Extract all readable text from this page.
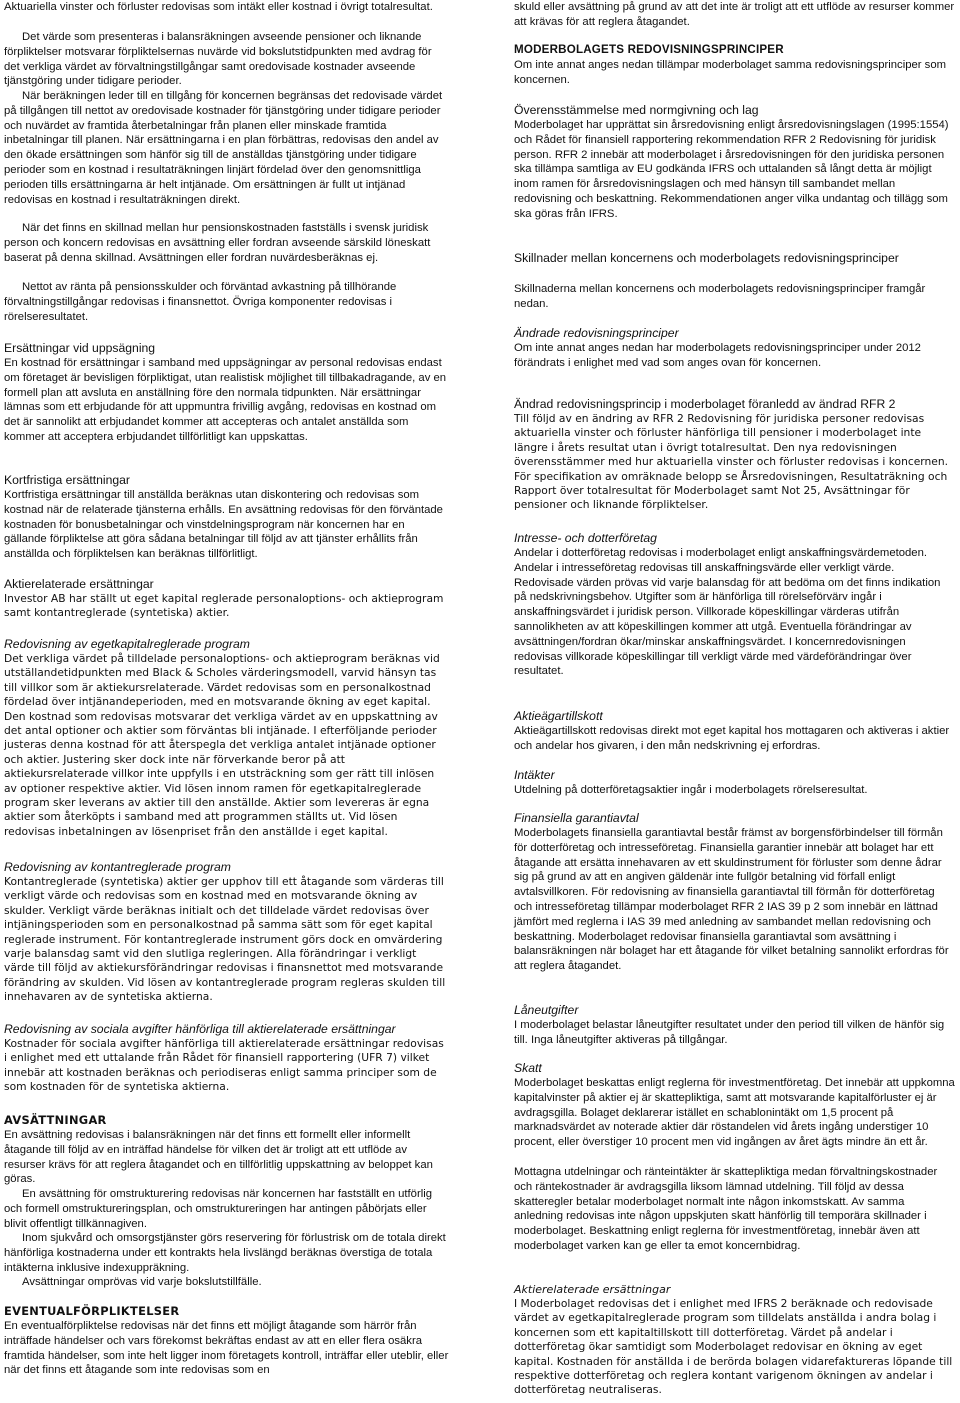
Aktuariella vinster och förluster redovisas som intäkt eller kostnad i övrigt totalresultat.

Det värde som presenteras i balansräkningen avseende pensioner och liknande förpliktelser motsvarar förpliktelsernas nuvärde vid bokslutstidpunkten med avdrag för det verkliga värdet av förvaltningstillgångar samt oredovisade kostnader avseende tjänstgöring under tidigare perioder.

När beräkningen leder till en tillgång för koncernen begränsas det redovisade värdet på tillgången till nettot av oredovisade kostnader för tjänstgöring under tidigare perioder och nuvärdet av framtida återbetalningar från planen eller minskade framtida inbetalningar till planen. När ersättningarna i en plan förbättras, redovisas den andel av den ökade ersättningen som hänför sig till de anställdas tjänstgöring under tidigare perioder som en kostnad i resultaträkningen linjärt fördelad över den genomsnittliga perioden tills ersättningarna är helt intjänade. Om ersättningen är fullt ut intjänad redovisas en kostnad i resultaträkningen direkt.

När det finns en skillnad mellan hur pensionskostnaden fastställs i svensk juridisk person och koncern redovisas en avsättning eller fordran avseende särskild löneskatt baserat på denna skillnad. Avsättningen eller fordran nuvärdesberäknas ej.

Nettot av ränta på pensionsskulder och förväntad avkastning på tillhörande förvaltningstillgångar redovisas i finansnettot. Övriga komponenter redovisas i rörelseresultatet.

Ersättningar vid uppsägning

En kostnad för ersättningar i samband med uppsägningar av personal redovisas endast om företaget är bevisligen förpliktigat, utan realistisk möjlighet till tillbakadragande, av en formell plan att avsluta en anställning före den normala tidpunkten. När ersättningar lämnas som ett erbjudande för att uppmuntra frivillig avgång, redovisas en kostnad om det är sannolikt att erbjudandet kommer att accepteras och antalet anställda som kommer att acceptera erbjudandet tillförlitligt kan uppskattas.

Kortfristiga ersättningar

Kortfristiga ersättningar till anställda beräknas utan diskontering och redovisas som kostnad när de relaterade tjänsterna erhålls. En avsättning redovisas för den förväntade kostnaden för bonusbetalningar och vinstdelningsprogram när koncernen har en gällande förpliktelse att göra sådana betalningar till följd av att tjänster erhållits från anställda och förpliktelsen kan beräknas tillförlitligt.

Aktierelaterade ersättningar

Investor AB har ställt ut eget kapital reglerade personaloptions- och aktieprogram samt kontantreglerade (syntetiska) aktier.

Redovisning av egetkapitalreglerade program

Det verkliga värdet på tilldelade personaloptions- och aktieprogram beräknas vid utställandetidpunkten med Black & Scholes värderingsmodell, varvid hänsyn tas till villkor som är aktiekursrelaterade. Värdet redovisas som en personalkostnad fördelad över intjänandeperioden, med en motsvarande ökning av eget kapital. Den kostnad som redovisas motsvarar det verkliga värdet av en uppskattning av det antal optioner och aktier som förväntas bli intjänade. I efterföljande perioder justeras denna kostnad för att återspegla det verkliga antalet intjänade optioner och aktier. Justering sker dock inte när förverkande beror på att aktiekursrelaterade villkor inte uppfylls i en utsträckning som ger rätt till inlösen av optioner respektive aktier. Vid lösen innom ramen för egetkapitalreglerade program sker leverans av aktier till den anställde. Aktier som levereras är egna aktier som återköpts i samband med att programmen ställts ut. Vid lösen redovisas inbetalningen av lösenpriset från den anställde i eget kapital.

Redovisning av kontantreglerade program

Kontantreglerade (syntetiska) aktier ger upphov till ett åtagande som värderas till verkligt värde och redovisas som en kostnad med en motsvarande ökning av skulder. Verkligt värde beräknas initialt och det tilldelade värdet redovisas över intjäningsperioden som en personalkostnad på samma sätt som för eget kapital reglerade instrument. För kontantreglerade instrument görs dock en omvärdering varje balansdag samt vid den slutliga regleringen. Alla förändringar i verkligt värde till följd av aktiekursförändringar redovisas i finansnettot med motsvarande förändring av skulden. Vid lösen av kontantreglerade program regleras skulden till innehavaren av de syntetiska aktierna.

Redovisning av sociala avgifter hänförliga till aktierelaterade ersättningar

Kostnader för sociala avgifter hänförliga till aktierelaterade ersättningar redovisas i enlighet med ett uttalande från Rådet för finansiell rapportering (UFR 7) vilket innebär att kostnaden beräknas och periodiseras enligt samma principer som de som kostnaden för de syntetiska aktierna.

AVSÄTTNINGAR

En avsättning redovisas i balansräkningen när det finns ett formellt eller informellt åtagande till följd av en inträffad händelse för vilken det är troligt att ett utflöde av resurser krävs för att reglera åtagandet och en tillförlitlig uppskattning av beloppet kan göras.

En avsättning för omstrukturering redovisas när koncernen har fastställt en utförlig och formell omstruktureringsplan, och omstruktureringen har antingen påbörjats eller blivit offentligt tillkännagiven.

Inom sjukvård och omsorgstjänster görs reservering för förlustrisk om de totala direkt hänförliga kostnaderna under ett kontrakts hela livslängd beräknas överstiga de totala intäkterna inklusive indexuppräkning.

Avsättningar omprövas vid varje bokslutstillfälle.

EVENTUALFÖRPLIKTELSER

En eventualförpliktelse redovisas när det finns ett möjligt åtagande som härrör från inträffade händelser och vars förekomst bekräftas endast av att en eller flera osäkra framtida händelser, som inte helt ligger inom företagets kontroll, inträffar eller uteblir, eller när det finns ett åtagande som inte redovisas som en

skuld eller avsättning på grund av att det inte är troligt att ett utflöde av resurser kommer att krävas för att reglera åtagandet.

MODERBOLAGETS REDOVISNINGSPRINCIPER

Om inte annat anges nedan tillämpar moderbolaget samma redovisningsprinciper som koncernen.

Överensstämmelse med normgivning och lag

Moderbolaget har upprättat sin årsredovisning enligt årsredovisningslagen (1995:1554) och Rådet för finansiell rapportering rekommendation RFR 2 Redovisning för juridisk person. RFR 2 innebär att moderbolaget i årsredovisningen för den juridiska personen ska tillämpa samtliga av EU godkända IFRS och uttalanden så långt detta är möjligt inom ramen för årsredovisningslagen och med hänsyn till sambandet mellan redovisning och beskattning. Rekommendationen anger vilka undantag och tillägg som ska göras från IFRS.

Skillnader mellan koncernens och moderbolagets redovisningsprinciper

Skillnaderna mellan koncernens och moderbolagets redovisningsprinciper framgår nedan.

Ändrade redovisningsprinciper

Om inte annat anges nedan har moderbolagets redovisningsprinciper under 2012 förändrats i enlighet med vad som anges ovan för koncernen.

Ändrad redovisningsprincip i moderbolaget föranledd av ändrad RFR 2

Till följd av en ändring av RFR 2 Redovisning för juridiska personer redovisas aktuariella vinster och förluster hänförliga till pensioner i moderbolaget inte längre i årets resultat utan i övrigt totalresultat. Den nya redovisningen överensstämmer med hur aktuariella vinster och förluster redovisas i koncernen. För specifikation av omräknade belopp se Årsredovisningen, Resultaträkning och Rapport över totalresultat för Moderbolaget samt Not 25, Avsättningar för pensioner och liknande förpliktelser.

Intresse- och dotterföretag

Andelar i dotterföretag redovisas i moderbolaget enligt anskaffningsvärdemetoden. Andelar i intresseföretag redovisas till anskaffningsvärde eller verkligt värde. Redovisade värden prövas vid varje balansdag för att bedöma om det finns indikation på nedskrivningsbehov. Utgifter som är hänförliga till rörelseförvärv ingår i anskaffningsvärdet i juridisk person. Villkorade köpeskillingar värderas utifrån sannolikheten av att köpeskillingen kommer att utgå. Eventuella förändringar av avsättningen/fordran ökar/minskar anskaffningsvärdet. I koncernredovisningen redovisas villkorade köpeskillingar till verkligt värde med värdeförändringar över resultatet.

Aktieägartillskott

Aktieägartillskott redovisas direkt mot eget kapital hos mottagaren och aktiveras i aktier och andelar hos givaren, i den mån nedskrivning ej erfordras.

Intäkter

Utdelning på dotterföretagsaktier ingår i moderbolagets rörelseresultat.

Finansiella garantiavtal

Moderbolagets finansiella garantiavtal består främst av borgensförbindelser till förmån för dotterföretag och intresseföretag. Finansiella garantier innebär att bolaget har ett åtagande att ersätta innehavaren av ett skuldinstrument för förluster som denne ådrar sig på grund av att en angiven gäldenär inte fullgör betalning vid förfall enligt avtalsvillkoren. För redovisning av finansiella garantiavtal till förmån för dotterföretag och intresseföretag tillämpar moderbolaget RFR 2 IAS 39 p 2 som innebär en lättnad jämfört med reglerna i IAS 39 med anledning av sambandet mellan redovisning och beskattning. Moderbolaget redovisar finansiella garantiavtal som avsättning i balansräkningen när bolaget har ett åtagande för vilket betalning sannolikt erfordras för att reglera åtagandet.

Låneutgifter

I moderbolaget belastar låneutgifter resultatet under den period till vilken de hänför sig till. Inga låneutgifter aktiveras på tillgångar.

Skatt

Moderbolaget beskattas enligt reglerna för investmentföretag. Det innebär att uppkomna kapitalvinster på aktier ej är skattepliktiga, samt att motsvarande kapitalförluster ej är avdragsgilla. Bolaget deklarerar istället en schablonintäkt om 1,5 procent på marknadsvärdet av noterade aktier där röstandelen vid årets ingång understiger 10 procent, eller överstiger 10 procent men vid ingången av året ägts mindre än ett år.

Mottagna utdelningar och ränteintäkter är skattepliktiga medan förvaltningskostnader och räntekostnader är avdragsgilla liksom lämnad utdelning. Till följd av dessa skatteregler betalar moderbolaget normalt inte någon inkomstskatt. Av samma anledning redovisas inte någon uppskjuten skatt hänförlig till temporära skillnader i moderbolaget. Beskattning enligt reglerna för investmentföretag, innebär även att moderbolaget varken kan ge eller ta emot koncernbidrag.

Aktierelaterade ersättningar

I Moderbolaget redovisas det i enlighet med IFRS 2 beräknade och redovisade värdet av egetkapitalreglerade program som tilldelats anställda i andra bolag i koncernen som ett kapitaltillskott till dotterföretag. Värdet på andelar i dotterföretag ökar samtidigt som Moderbolaget redovisar en ökning av eget kapital. Kostnaden för anställda i de berörda bolagen vidarefaktureras löpande till respektive dotterföretag och reglera kontant varigenom ökningen av andelar i dotterföretag neutraliseras.
